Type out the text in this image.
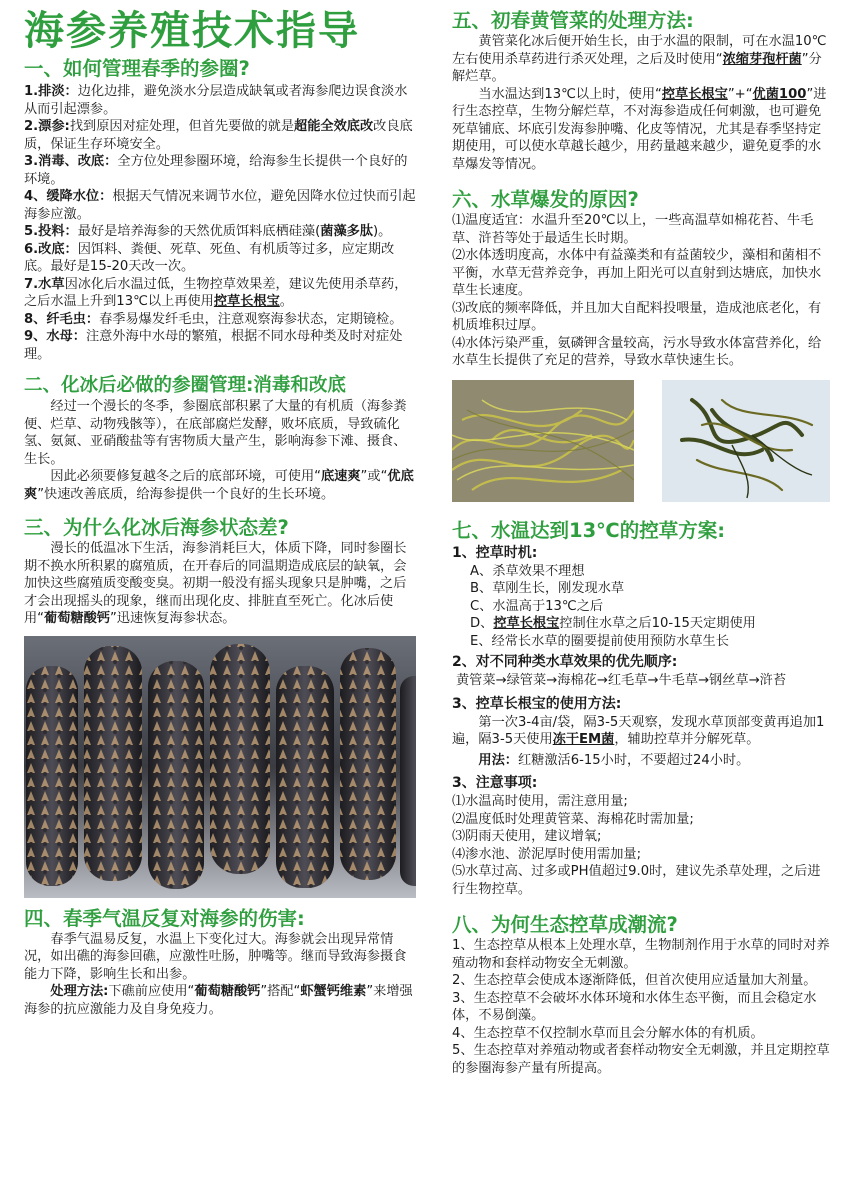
海参养殖技术指导
一、如何管理春季的参圈?

1.排淡：边化边排，避免淡水分层造成缺氧或者海参爬边误食淡水从而引起漂参。

2.漂参:找到原因对症处理，但首先要做的就是超能全效底改改良底质，保证生存环境安全。

3.消毒、改底：全方位处理参圈环境，给海参生长提供一个良好的环境。

4、缓降水位：根据天气情况来调节水位，避免因降水位过快而引起海参应激。

5.投料：最好是培养海参的天然优质饵料底栖硅藻(菌藻多肽)。

6.改底：因饵料、粪便、死草、死鱼、有机质等过多，应定期改底。最好是15-20天改一次。

7.水草因冰化后水温过低，生物控草效果差，建议先使用杀草药，之后水温上升到13℃以上再使用控草长根宝。

8、纤毛虫：春季易爆发纤毛虫，注意观察海参状态，定期镜检。

9、水母：注意外海中水母的繁殖，根据不同水母种类及时对症处理。

二、化冰后必做的参圈管理:消毒和改底

经过一个漫长的冬季，参圈底部积累了大量的有机质（海参粪便、烂草、动物残骸等），在底部腐烂发酵，败坏底质，导致硫化氢、氨氮、亚硝酸盐等有害物质大量产生，影响海参下滩、摄食、生长。

因此必须要修复越冬之后的底部环境，可使用“底速爽”或“优底爽”快速改善底质，给海参提供一个良好的生长环境。

三、为什么化冰后海参状态差?

漫长的低温冰下生活，海参消耗巨大，体质下降，同时参圈长期不换水所积累的腐殖质，在开春后的同温期造成底层的缺氧，会加快这些腐殖质变酸变臭。初期一般没有摇头现象只是肿嘴，之后才会出现摇头的现象，继而出现化皮、排脏直至死亡。化冰后使用“葡萄糖酸钙”迅速恢复海参状态。

四、春季气温反复对海参的伤害:

春季气温易反复，水温上下变化过大。海参就会出现异常情况，如出礁的海参回礁，应激性吐肠，肿嘴等。继而导致海参摄食能力下降，影响生长和出参。

处理方法:下礁前应使用“葡萄糖酸钙”搭配“虾蟹钙维素”来增强海参的抗应激能力及自身免疫力。

五、初春黄管菜的处理方法:

黄管菜化冰后便开始生长，由于水温的限制，可在水温10℃左右使用杀草药进行杀灭处理，之后及时使用“浓缩芽孢杆菌”分解烂草。

当水温达到13℃以上时，使用“控草长根宝”+“优菌100”进行生态控草，生物分解烂草，不对海参造成任何刺激，也可避免死草铺底、坏底引发海参肿嘴、化皮等情况，尤其是春季坚持定期使用，可以使水草越长越少，用药量越来越少，避免夏季的水草爆发等情况。

六、水草爆发的原因?

⑴温度适宜：水温升至20℃以上，一些高温草如棉花苔、牛毛草、浒苔等处于最适生长时期。

⑵水体透明度高，水体中有益藻类和有益菌较少，藻相和菌相不平衡，水草无营养竞争，再加上阳光可以直射到达塘底，加快水草生长速度。

⑶改底的频率降低，并且加大自配料投喂量，造成池底老化，有机质堆积过厚。

⑷水体污染严重，氨磷钾含量较高，污水导致水体富营养化，给水草生长提供了充足的营养，导致水草快速生长。

七、水温达到13℃的控草方案:
1、控草时机:
A、杀草效果不理想
B、草刚生长，刚发现水草
C、水温高于13℃之后
D、控草长根宝控制住水草之后10-15天定期使用
E、经常长水草的圈要提前使用预防水草生长
2、对不同种类水草效果的优先顺序:

黄管菜→绿管菜→海棉花→红毛草→牛毛草→钢丝草→浒苔

3、控草长根宝的使用方法:

第一次3-4亩/袋，隔3-5天观察，发现水草顶部变黄再追加1遍，隔3-5天使用冻干EM菌，辅助控草并分解死草。

用法：红糖激活6-15小时，不要超过24小时。

3、注意事项:

⑴水温高时使用，需注意用量;

⑵温度低时处理黄管菜、海棉花时需加量;

⑶阴雨天使用，建议增氧;

⑷渗水池、淤泥厚时使用需加量;

⑸水草过高、过多或PH值超过9.0时，建议先杀草处理，之后进行生物控草。

八、为何生态控草成潮流?

1、生态控草从根本上处理水草，生物制剂作用于水草的同时对养殖动物和套样动物安全无刺激。

2、生态控草会使成本逐渐降低，但首次使用应适量加大剂量。

3、生态控草不会破坏水体环境和水体生态平衡，而且会稳定水体，不易倒藻。

4、生态控草不仅控制水草而且会分解水体的有机质。

5、生态控草对养殖动物或者套样动物安全无刺激，并且定期控草的参圈海参产量有所提高。
